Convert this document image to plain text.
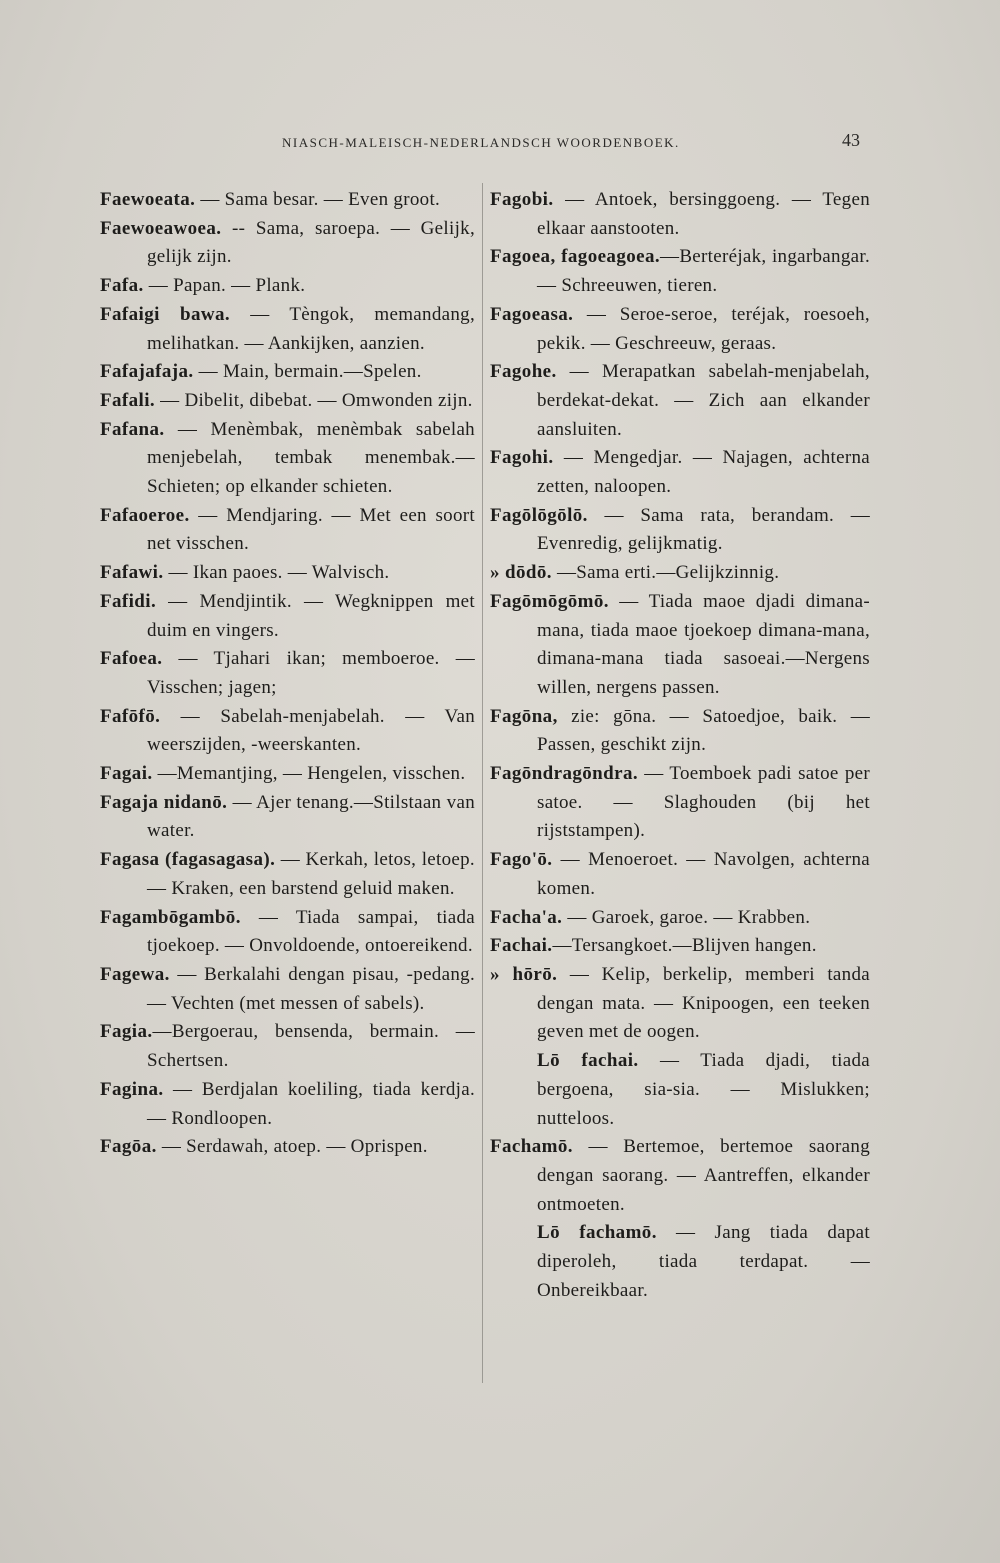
NIASCH-MALEISCH-NEDERLANDSCH WOORDENBOEK.	43

Faewoeata. — Sama besar. — Even groot.

Faewoeawoea. -- Sama, saroepa. — Gelijk, gelijk zijn.

Fafa. — Papan. — Plank.

Fafaigi bawa. — Tèngok, memandang, melihatkan. — Aankijken, aanzien.

Fafajafaja. — Main, bermain.—Spelen.

Fafali. — Dibelit, dibebat. — Omwonden zijn.

Fafana. — Menèmbak, menèmbak sabelah menjebelah, tembak menembak.— Schieten; op elkander schieten.

Fafaoeroe. — Mendjaring. — Met een soort net visschen.

Fafawi. — Ikan paoes. — Walvisch.

Fafidi. — Mendjintik. — Wegknippen met duim en vingers.

Fafoea. — Tjahari ikan; memboeroe. — Visschen; jagen;

Fafōfō. — Sabelah-menjabelah. — Van weerszijden, -weerskanten.

Fagai. —Memantjing, — Hengelen, visschen.

Fagaja nidanō. — Ajer tenang.—Stilstaan van water.

Fagasa (fagasagasa). — Kerkah, letos, letoep. — Kraken, een barstend geluid maken.

Fagambōgambō. — Tiada sampai, tiada tjoekoep. — Onvoldoende, ontoereikend.

Fagewa. — Berkalahi dengan pisau, -pedang. — Vechten (met messen of sabels).

Fagia.—Bergoerau, bensenda, bermain. — Schertsen.

Fagina. — Berdjalan koeliling, tiada kerdja. — Rondloopen.

Fagōa. — Serdawah, atoep. — Oprispen.

Fagobi. — Antoek, bersinggoeng. — Tegen elkaar aanstooten.

Fagoea, fagoeagoea.—Berteréjak, ingarbangar. — Schreeuwen, tieren.

Fagoeasa. — Seroe-seroe, teréjak, roesoeh, pekik. — Geschreeuw, geraas.

Fagohe. — Merapatkan sabelah-menjabelah, berdekat-dekat. — Zich aan elkander aansluiten.

Fagohi. — Mengedjar. — Najagen, achterna zetten, naloopen.

Fagōlōgōlō. — Sama rata, berandam. — Evenredig, gelijkmatig.

» dōdō. —Sama erti.—Gelijkzinnig.

Fagōmōgōmō. — Tiada maoe djadi dimana-mana, tiada maoe tjoekoep dimana-mana, dimana-mana tiada sasoeai.—Nergens willen, nergens passen.

Fagōna, zie: gōna. — Satoedjoe, baik. — Passen, geschikt zijn.

Fagōndragōndra. — Toemboek padi satoe per satoe. — Slaghouden (bij het rijststampen).

Fago'ō. — Menoeroet. — Navolgen, achterna komen.

Facha'a. — Garoek, garoe. — Krabben.

Fachai.—Tersangkoet.—Blijven hangen.

» hōrō. — Kelip, berkelip, memberi tanda dengan mata. — Knipoogen, een teeken geven met de oogen.

Lō fachai. — Tiada djadi, tiada bergoena, sia-sia. — Mislukken; nutteloos.

Fachamō. — Bertemoe, bertemoe saorang dengan saorang. — Aantreffen, elkander ontmoeten.

Lō fachamō. — Jang tiada dapat diperoleh, tiada terdapat. — Onbereikbaar.
